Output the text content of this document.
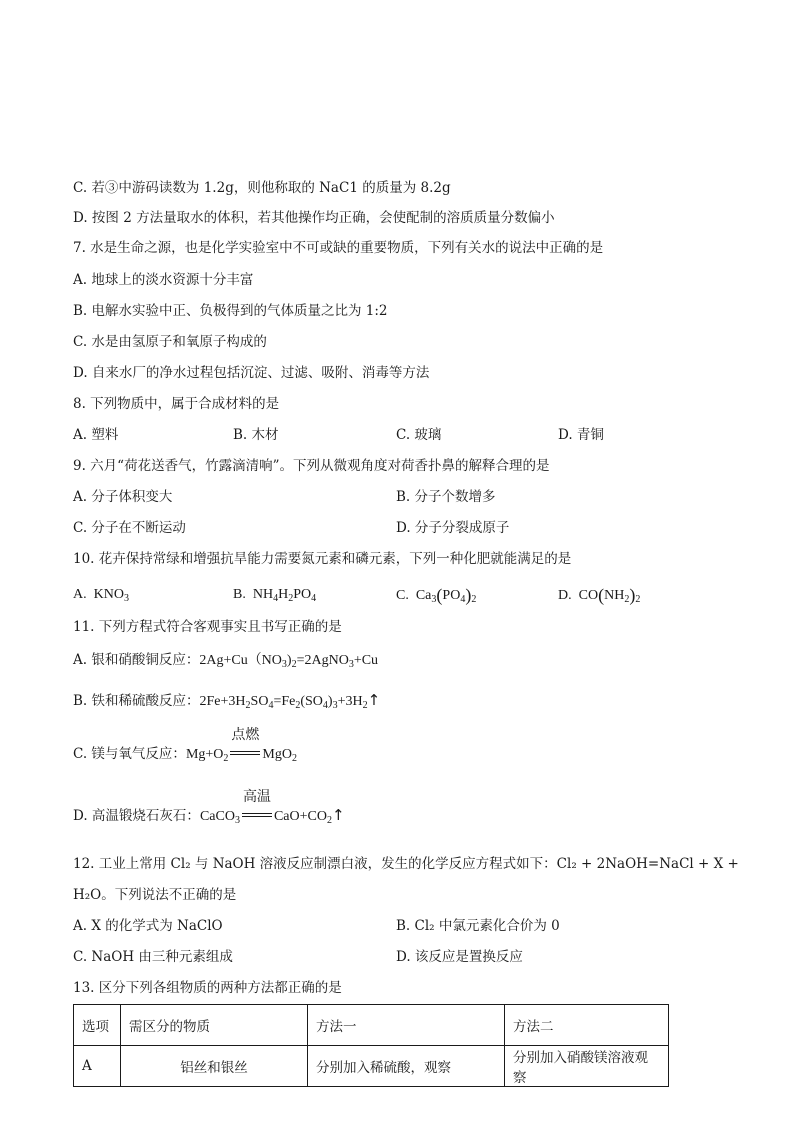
C. 若③中游码读数为 1.2g，则他称取的 NaC1 的质量为 8.2g
D. 按图 2 方法量取水的体积，若其他操作均正确，会使配制的溶质质量分数偏小
7. 水是生命之源，也是化学实验室中不可或缺的重要物质，下列有关水的说法中正确的是
A. 地球上的淡水资源十分丰富
B. 电解水实验中正、负极得到的气体质量之比为 1:2
C. 水是由氢原子和氧原子构成的
D. 自来水厂的净水过程包括沉淀、过滤、吸附、消毒等方法
8. 下列物质中，属于合成材料的是
A. 塑料	B. 木材	C. 玻璃	D. 青铜
9. 六月“荷花送香气，竹露滴清响”。下列从微观角度对荷香扑鼻的解释合理的是
A. 分子体积变大	B. 分子个数增多
C. 分子在不断运动	D. 分子分裂成原子
10. 花卉保持常绿和增强抗旱能力需要氮元素和磷元素，下列一种化肥就能满足的是
A. $KNO_3$	B. $NH_4H_2PO_4$	C. $Ca_3(PO_4)_2$	D. $CO(NH_2)_2$
11. 下列方程式符合客观事实且书写正确的是
A. 银和硝酸铜反应：$2Ag+Cu(NO_3)_2=2AgNO_3+Cu$
B. 铁和稀硫酸反应：$2Fe+3H_2SO_4=Fe_2(SO_4)_3+3H_2↑$
C. 镁与氧气反应：$Mg+O_2$
点燃
MgO$_2$
D. 高温锻烧石灰石：CaCO$_3$
高温
$CaO+CO_2↑$
12. 工业上常用 Cl₂ 与 NaOH 溶液反应制漂白液，发生的化学反应方程式如下：Cl₂ + 2NaOH=NaCl + X +
H₂O。下列说法不正确的是
A. X 的化学式为 NaClO	B. Cl₂ 中氯元素化合价为 0
C. NaOH 由三种元素组成	D. 该反应是置换反应
13. 区分下列各组物质的两种方法都正确的是
选项	需区分的物质	方法一	方法二
A	铝丝和银丝	分别加入稀硫酸，观察	分别加入硝酸镁溶液观察
